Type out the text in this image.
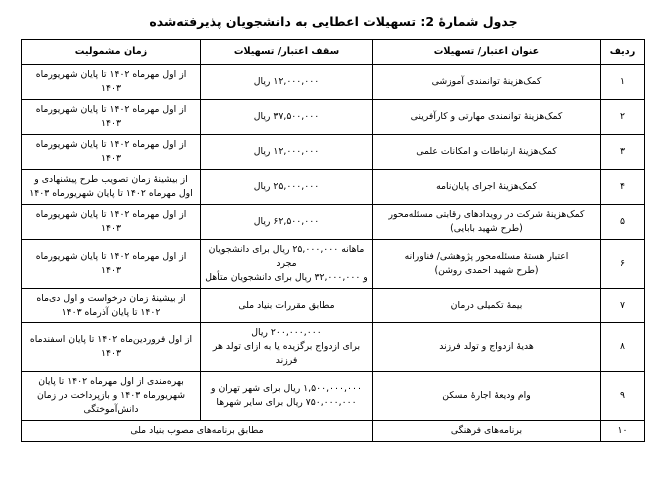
جدول شمارهٔ 2: تسهیلات اعطایی به دانشجویان پذیرفته‌شده
ردیف	عنوان اعتبار/ تسهیلات	سقف اعتبار/ تسهیلات	زمان مشمولیت
۱	کمک‌هزینهٔ توانمندی آموزشی	۱۲,۰۰۰,۰۰۰ ریال	از اول مهرماه ۱۴۰۲ تا پایان شهریورماه ۱۴۰۳
۲	کمک‌هزینهٔ توانمندی مهارتی و کارآفرینی	۳۷,۵۰۰,۰۰۰ ریال	از اول مهرماه ۱۴۰۲ تا پایان شهریورماه ۱۴۰۳
۳	کمک‌هزینهٔ ارتباطات و امکانات علمی	۱۲,۰۰۰,۰۰۰ ریال	از اول مهرماه ۱۴۰۲ تا پایان شهریورماه ۱۴۰۳
۴	کمک‌هزینهٔ اجرای پایان‌نامه	۲۵,۰۰۰,۰۰۰ ریال	از بیشینهٔ زمان تصویب طرح پیشنهادی و اول مهرماه ۱۴۰۲ تا پایان شهریورماه ۱۴۰۳
۵	کمک‌هزینهٔ شرکت در رویدادهای رقابتی مسئله‌محور
(طرح شهید بابایی)	۶۲,۵۰۰,۰۰۰ ریال	از اول مهرماه ۱۴۰۲ تا پایان شهریورماه ۱۴۰۳
۶	اعتبار هستهٔ مسئله‌محور پژوهشی/ فناورانه
(طرح شهید احمدی روشن)	ماهانه ۲۵,۰۰۰,۰۰۰ ریال برای دانشجویان مجرد
و ۳۲,۰۰۰,۰۰۰ ریال برای دانشجویان متأهل	از اول مهرماه ۱۴۰۲ تا پایان شهریورماه ۱۴۰۳
۷	بیمهٔ تکمیلی درمان	مطابق مقررات بنیاد ملی	از بیشینهٔ زمان درخواست و اول دی‌ماه ۱۴۰۲ تا پایان آذرماه ۱۴۰۳
۸	هدیهٔ ازدواج و تولد فرزند	۲۰۰,۰۰۰,۰۰۰ ریال
برای ازدواج برگزیده یا به ازای تولد هر فرزند	از اول فروردین‌ماه ۱۴۰۲ تا پایان اسفندماه ۱۴۰۳
۹	وام ودیعهٔ اجارهٔ مسکن	۱,۵۰۰,۰۰۰,۰۰۰ ریال برای شهر تهران و
۷۵۰,۰۰۰,۰۰۰ ریال برای سایر شهرها	بهره‌مندی از اول مهرماه ۱۴۰۲ تا پایان شهریورماه ۱۴۰۳ و بازپرداخت در زمان دانش‌آموختگی
۱۰	برنامه‌های فرهنگی	مطابق برنامه‌های مصوب بنیاد ملی	
